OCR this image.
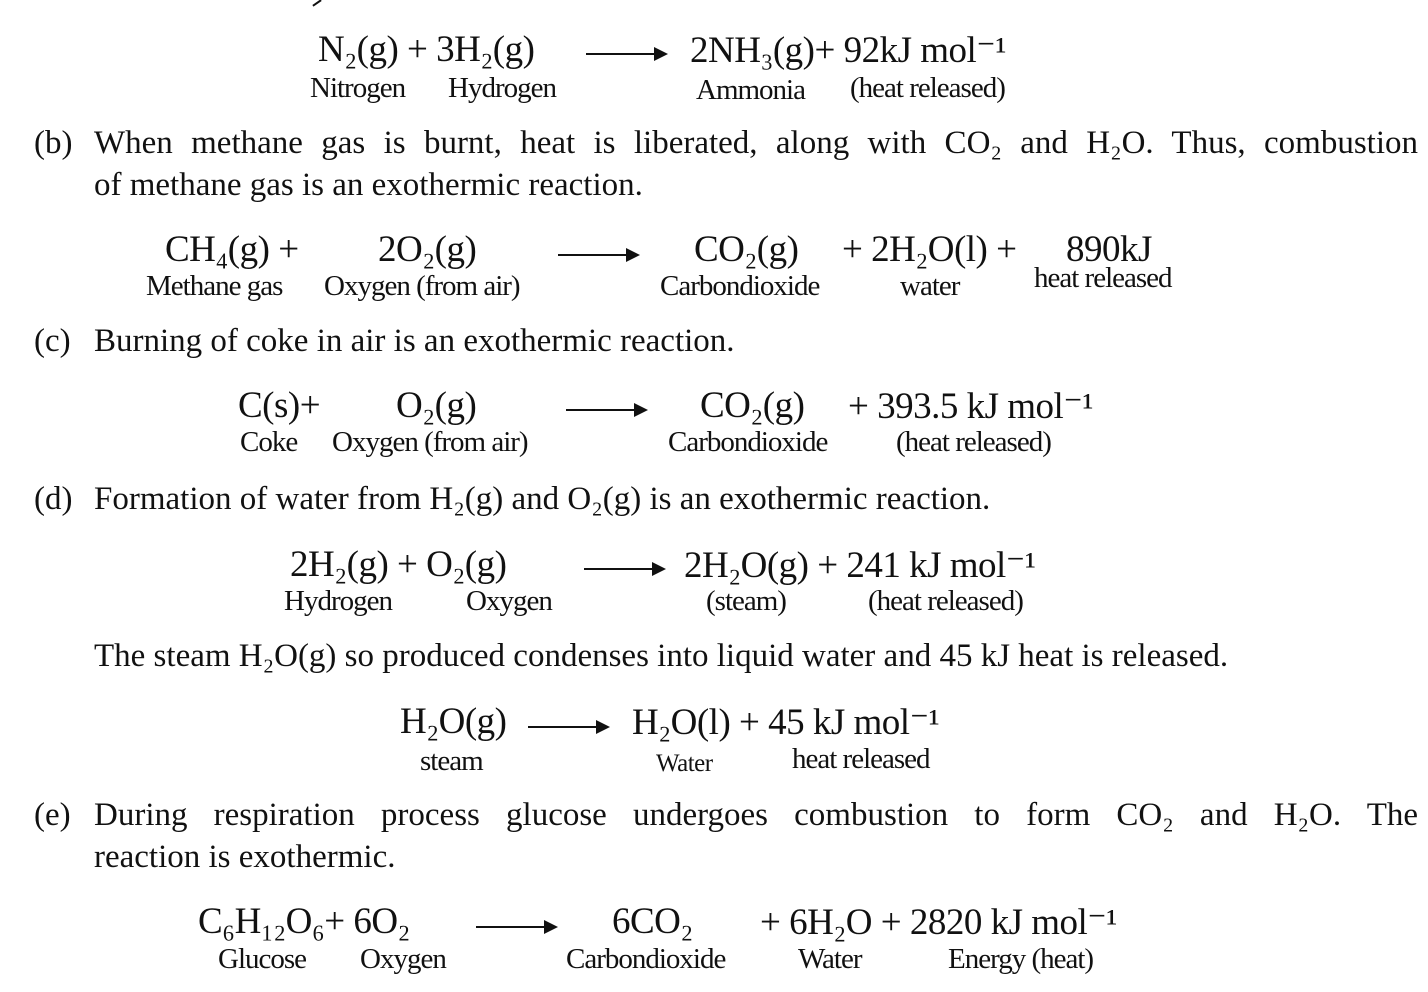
N₂(g) + 3H₂(g)	2NH₃(g)+ 92kJ mol⁻¹
Nitrogen Hydrogen	Ammonia (heat released)
(b) When methane gas is burnt, heat is liberated, along with CO₂ and H₂O. Thus, combustion
of methane gas is an exothermic reaction.
CH₄(g) + 2O₂(g)	CO₂(g) + 2H₂O(l) + 890kJ
Methane gas Oxygen (from air)	Carbondioxide	water	heat released
(c) Burning of coke in air is an exothermic reaction.
C(s)+ O₂(g)	CO₂(g) + 393.5 kJ mol⁻¹
Coke Oxygen (from air)	Carbondioxide (heat released)
(d) Formation of water from H₂(g) and O₂(g) is an exothermic reaction.
2H₂(g) + O₂(g)	2H₂O(g) + 241 kJ mol⁻¹
Hydrogen	Oxygen	(steam)	(heat released)
The steam H₂O(g) so produced condenses into liquid water and 45 kJ heat is released.
H₂O(g)	H₂O(l) + 45 kJ mol⁻¹
steam	Water	heat released
(e) During respiration process glucose undergoes combustion to form CO₂ and H₂O. The
reaction is exothermic.
C₆H₁₂O₆+ 6O₂	6CO₂ + 6H₂O + 2820 kJ mol⁻¹
Glucose Oxygen	Carbondioxide	Water	Energy (heat)
